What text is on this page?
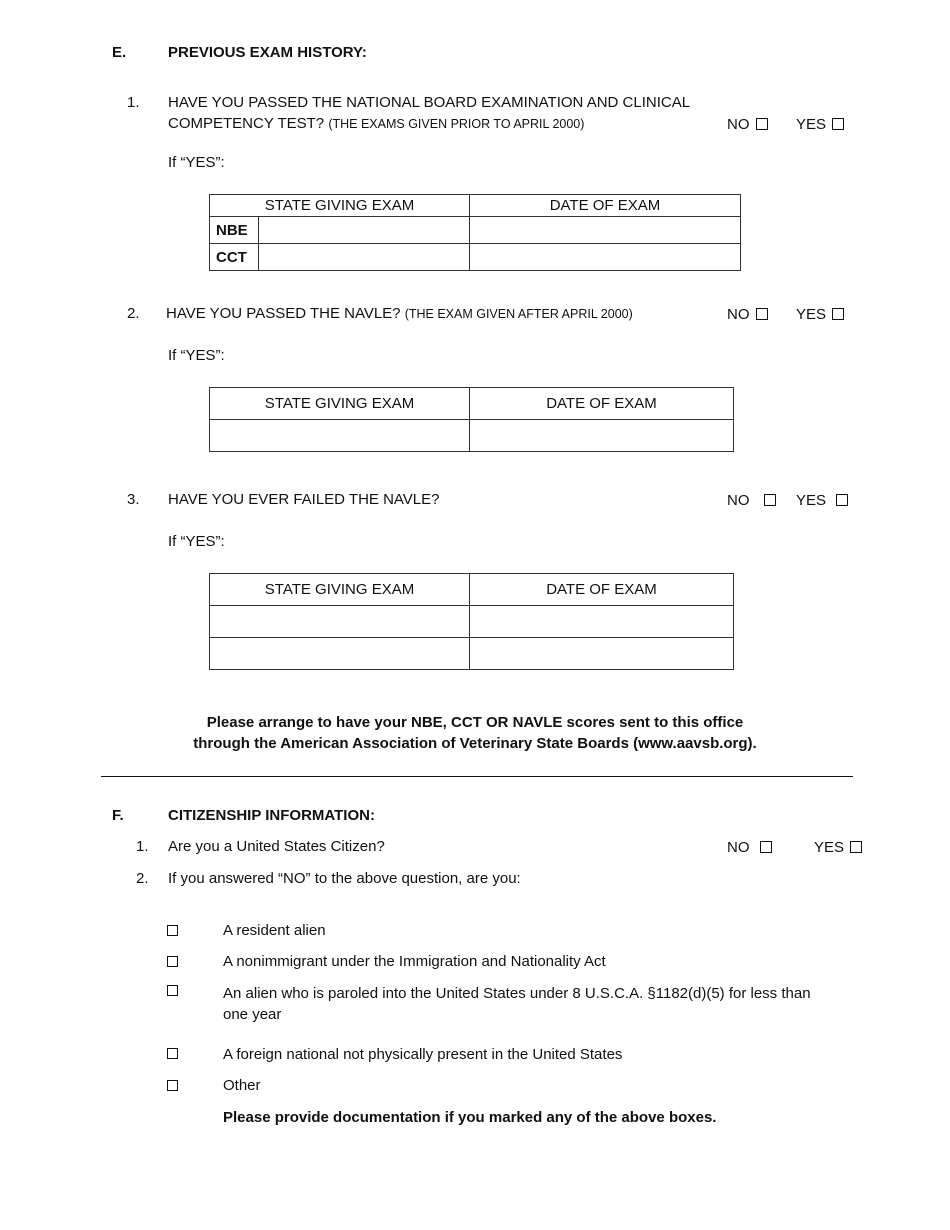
E.	PREVIOUS EXAM HISTORY:
1. HAVE YOU PASSED THE NATIONAL BOARD EXAMINATION AND CLINICAL
COMPETENCY TEST? (THE EXAMS GIVEN PRIOR TO APRIL 2000)	NO	YES
If “YES”:
STATE GIVING EXAM		DATE OF EXAM
NBE		
CCT		
2. HAVE YOU PASSED THE NAVLE? (THE EXAM GIVEN AFTER APRIL 2000)	NO	YES
If “YES”:
STATE GIVING EXAM	DATE OF EXAM

3. HAVE YOU EVER FAILED THE NAVLE?	NO	YES
If “YES”:
STATE GIVING EXAM	DATE OF EXAM

Please arrange to have your NBE, CCT OR NAVLE scores sent to this office
through the American Association of Veterinary State Boards (www.aavsb.org).
F.	CITIZENSHIP INFORMATION:
1. Are you a United States Citizen?	NO	YES
2. If you answered “NO” to the above question, are you:
A resident alien
A nonimmigrant under the Immigration and Nationality Act
An alien who is paroled into the United States under 8 U.S.C.A. §1182(d)(5) for less than
one year
A foreign national not physically present in the United States
Other
Please provide documentation if you marked any of the above boxes.
